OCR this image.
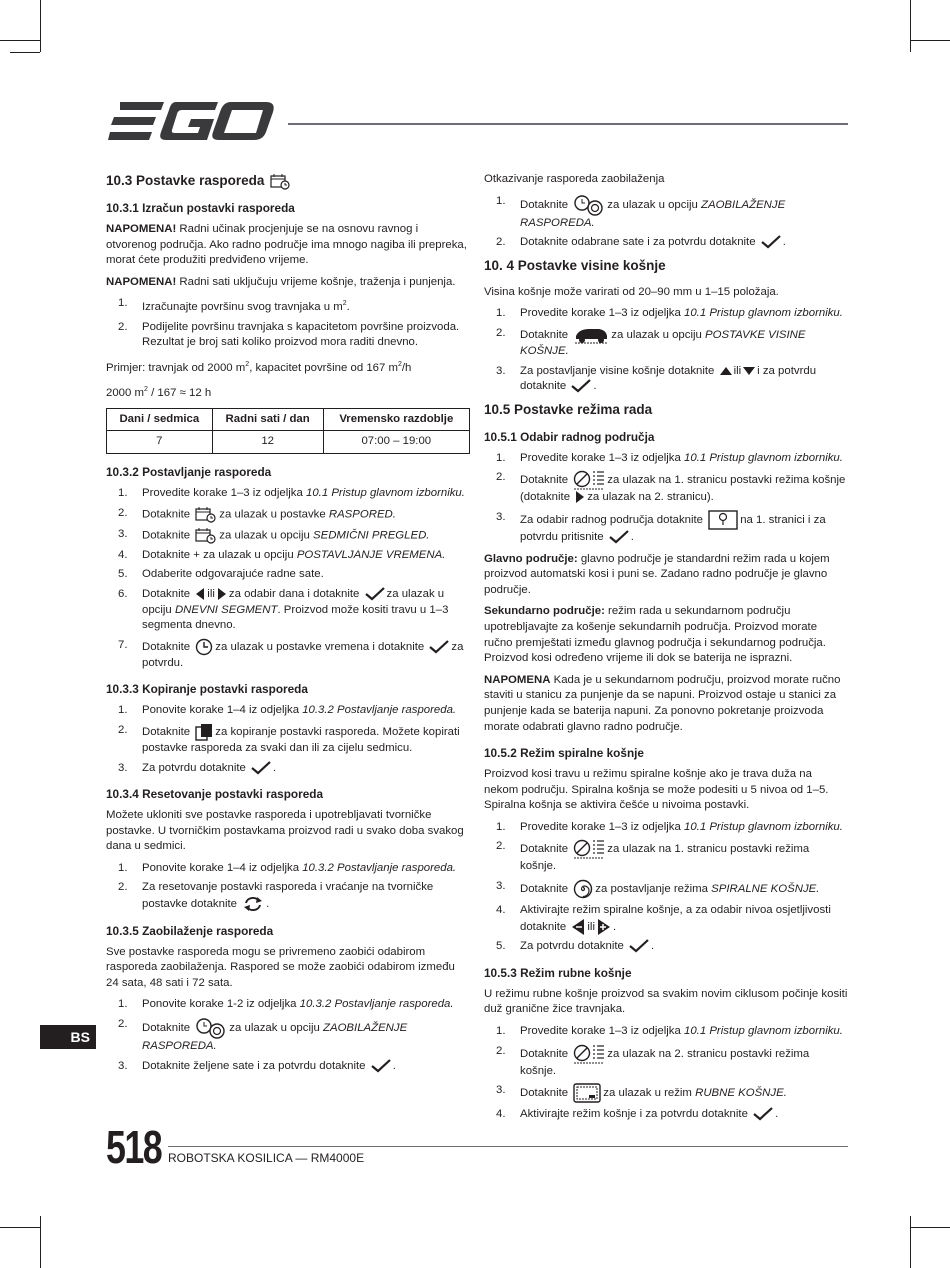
10.3 Postavke rasporeda
10.3.1 Izračun postavki rasporeda

NAPOMENA! Radni učinak procjenjuje se na osnovu ravnog i otvorenog područja. Ako radno područje ima mnogo nagiba ili prepreka, morat ćete produžiti predviđeno vrijeme.

NAPOMENA! Radni sati uključuju vrijeme košnje, traženja i punjenja.

1. Izračunajte površinu svog travnjaka u $m^2$.
2. Podijelite površinu travnjaka s kapacitetom površine proizvoda. Rezultat je broj sati koliko proizvod mora raditi dnevno.

Primjer: travnjak od 2000 $m^2$, kapacitet površine od 167 $m^2/h$

2000 $m^2 / 167 \approx 12$ h

Dani / sedmica	Radni sati / dan	Vremensko razdoblje
7	12	07:00 – 19:00
10.3.2 Postavljanje rasporeda
1. Provedite korake 1–3 iz odjeljka 10.1 Pristup glavnom izborniku.
2. Dotaknite	za ulazak u postavke RASPORED.
3. Dotaknite	za ulazak u opciju SEDMIČNI PREGLED.
4. Dotaknite + za ulazak u opciju POSTAVLJANJE VREMENA.
5. Odaberite odgovarajuće radne sate.
6. Dotaknite ili za odabir dana i dotaknite za ulazak u opciju DNEVNI SEGMENT. Proizvod može kositi travu u 1–3 segmenta dnevno.
7. Dotaknite za ulazak u postavke vremena i dotaknite za potvrdu.
10.3.3 Kopiranje postavki rasporeda
1. Ponovite korake 1–4 iz odjeljka 10.3.2 Postavljanje rasporeda.
2. Dotaknite za kopiranje postavki rasporeda. Možete kopirati postavke rasporeda za svaki dan ili za cijelu sedmicu.
3. Za potvrdu dotaknite .
10.3.4 Resetovanje postavki rasporeda

Možete ukloniti sve postavke rasporeda i upotrebljavati tvorničke postavke. U tvorničkim postavkama proizvod radi u svako doba svakog dana u sedmici.

1. Ponovite korake 1–4 iz odjeljka 10.3.2 Postavljanje rasporeda.
2. Za resetovanje postavki rasporeda i vraćanje na tvorničke postavke dotaknite	.
10.3.5 Zaobilaženje rasporeda

Sve postavke rasporeda mogu se privremeno zaobići odabirom rasporeda zaobilaženja. Raspored se može zaobići odabirom između 24 sata, 48 sati i 72 sata.

1. Ponovite korake 1-2 iz odjeljka 10.3.2 Postavljanje rasporeda.
2. Dotaknite	za ulazak u opciju ZAOBILAŽENJE RASPOREDA.
3. Dotaknite željene sate i za potvrdu dotaknite .

Otkazivanje rasporeda zaobilaženja

1. Dotaknite	za ulazak u opciju ZAOBILAŽENJE RASPOREDA.
2. Dotaknite odabrane sate i za potvrdu dotaknite .
10. 4 Postavke visine košnje

Visina košnje može varirati od 20–90 mm u 1–15 položaja.

1. Provedite korake 1–3 iz odjeljka 10.1 Pristup glavnom izborniku.
2. Dotaknite	za ulazak u opciju POSTAVKE VISINE KOŠNJE.
3. Za postavljanje visine košnje dotaknite ili i za potvrdu dotaknite .
10.5 Postavke režima rada
10.5.1 Odabir radnog područja
1. Provedite korake 1–3 iz odjeljka 10.1 Pristup glavnom izborniku.
2. Dotaknite	za ulazak na 1. stranicu postavki režima košnje (dotaknite za ulazak na 2. stranicu).
3. Za odabir radnog područja dotaknite	na 1. stranici i za potvrdu pritisnite .

Glavno područje: glavno područje je standardni režim rada u kojem proizvod automatski kosi i puni se. Zadano radno područje je glavno područje.

Sekundarno područje: režim rada u sekundarnom području upotrebljavajte za košenje sekundarnih područja. Proizvod morate ručno premještati između glavnog područja i sekundarnog područja. Proizvod kosi određeno vrijeme ili dok se baterija ne isprazni.

NAPOMENA Kada je u sekundarnom području, proizvod morate ručno staviti u stanicu za punjenje da se napuni. Proizvod ostaje u stanici za punjenje kada se baterija napuni. Za ponovno pokretanje proizvoda morate odabrati glavno radno područje.

10.5.2 Režim spiralne košnje

Proizvod kosi travu u režimu spiralne košnje ako je trava duža na nekom području. Spiralna košnja se može podesiti u 5 nivoa od 1–5. Spiralna košnja se aktivira češće u nivoima postavki.

1. Provedite korake 1–3 iz odjeljka 10.1 Pristup glavnom izborniku.
2. Dotaknite	za ulazak na 1. stranicu postavki režima košnje.
3. Dotaknite za postavljanje režima SPIRALNE KOŠNJE.
4. Aktivirajte režim spiralne košnje, a za odabir nivoa osjetljivosti dotaknite ili .
5. Za potvrdu dotaknite .
10.5.3 Režim rubne košnje

U režimu rubne košnje proizvod sa svakim novim ciklusom počinje kositi duž granične žice travnjaka.

1. Provedite korake 1–3 iz odjeljka 10.1 Pristup glavnom izborniku.
2. Dotaknite	za ulazak na 2. stranicu postavki režima košnje.
3. Dotaknite	za ulazak u režim RUBNE KOŠNJE.
4. Aktivirajte režim košnje i za potvrdu dotaknite .
BS
518 ROBOTSKA KOSILICA — RM4000E
